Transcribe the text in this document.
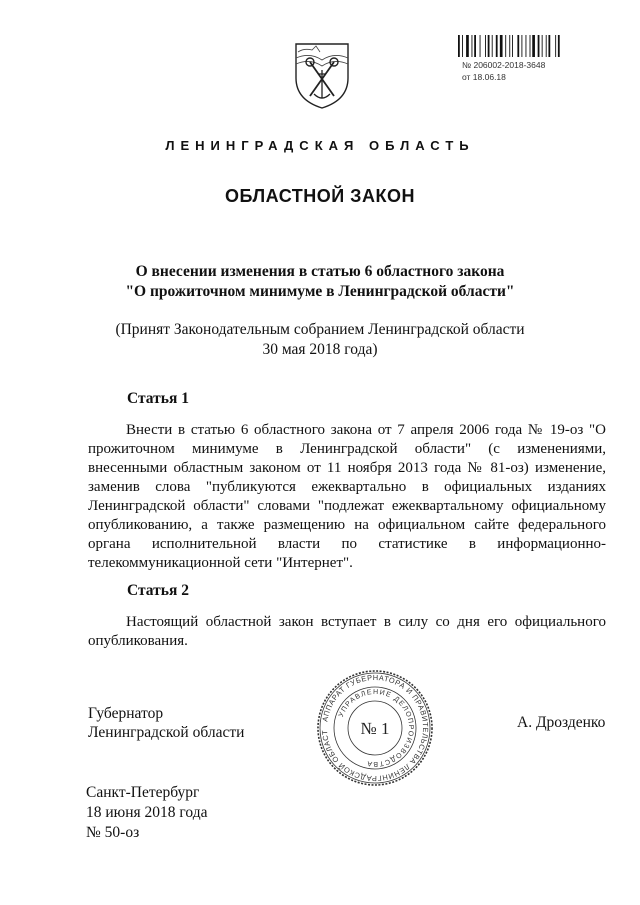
№ 206002-2018-3648
от 18.06.18
ЛЕНИНГРАДСКАЯ ОБЛАСТЬ
ОБЛАСТНОЙ ЗАКОН
О внесении изменения в статью 6 областного закона
"О прожиточном минимуме в Ленинградской области"
(Принят Законодательным собранием Ленинградской области
30 мая 2018 года)
Статья 1
Внести в статью 6 областного закона от 7 апреля 2006 года № 19-оз "О прожиточном минимуме в Ленинградской области" (с изменениями, внесенными областным законом от 11 ноября 2013 года № 81-оз) изменение, заменив слова "публикуются ежеквартально в официальных изданиях Ленинградской области" словами "подлежат ежеквартальному официальному опубликованию, а также размещению на официальном сайте федерального органа исполнительной власти по статистике в информационно-телекоммуникационной сети "Интернет".
Статья 2
Настоящий областной закон вступает в силу со дня его официального опубликования.
Губернатор
Ленинградской области
А. Дрозденко
АППАРАТ ГУБЕРНАТОРА И ПРАВИТЕЛЬСТВА ЛЕНИНГРАДСКОЙ ОБЛАСТ
УПРАВЛЕНИЕ ДЕЛОПРОИЗВОДСТВА
№ 1
Санкт-Петербург
18 июня 2018 года
№ 50-оз
